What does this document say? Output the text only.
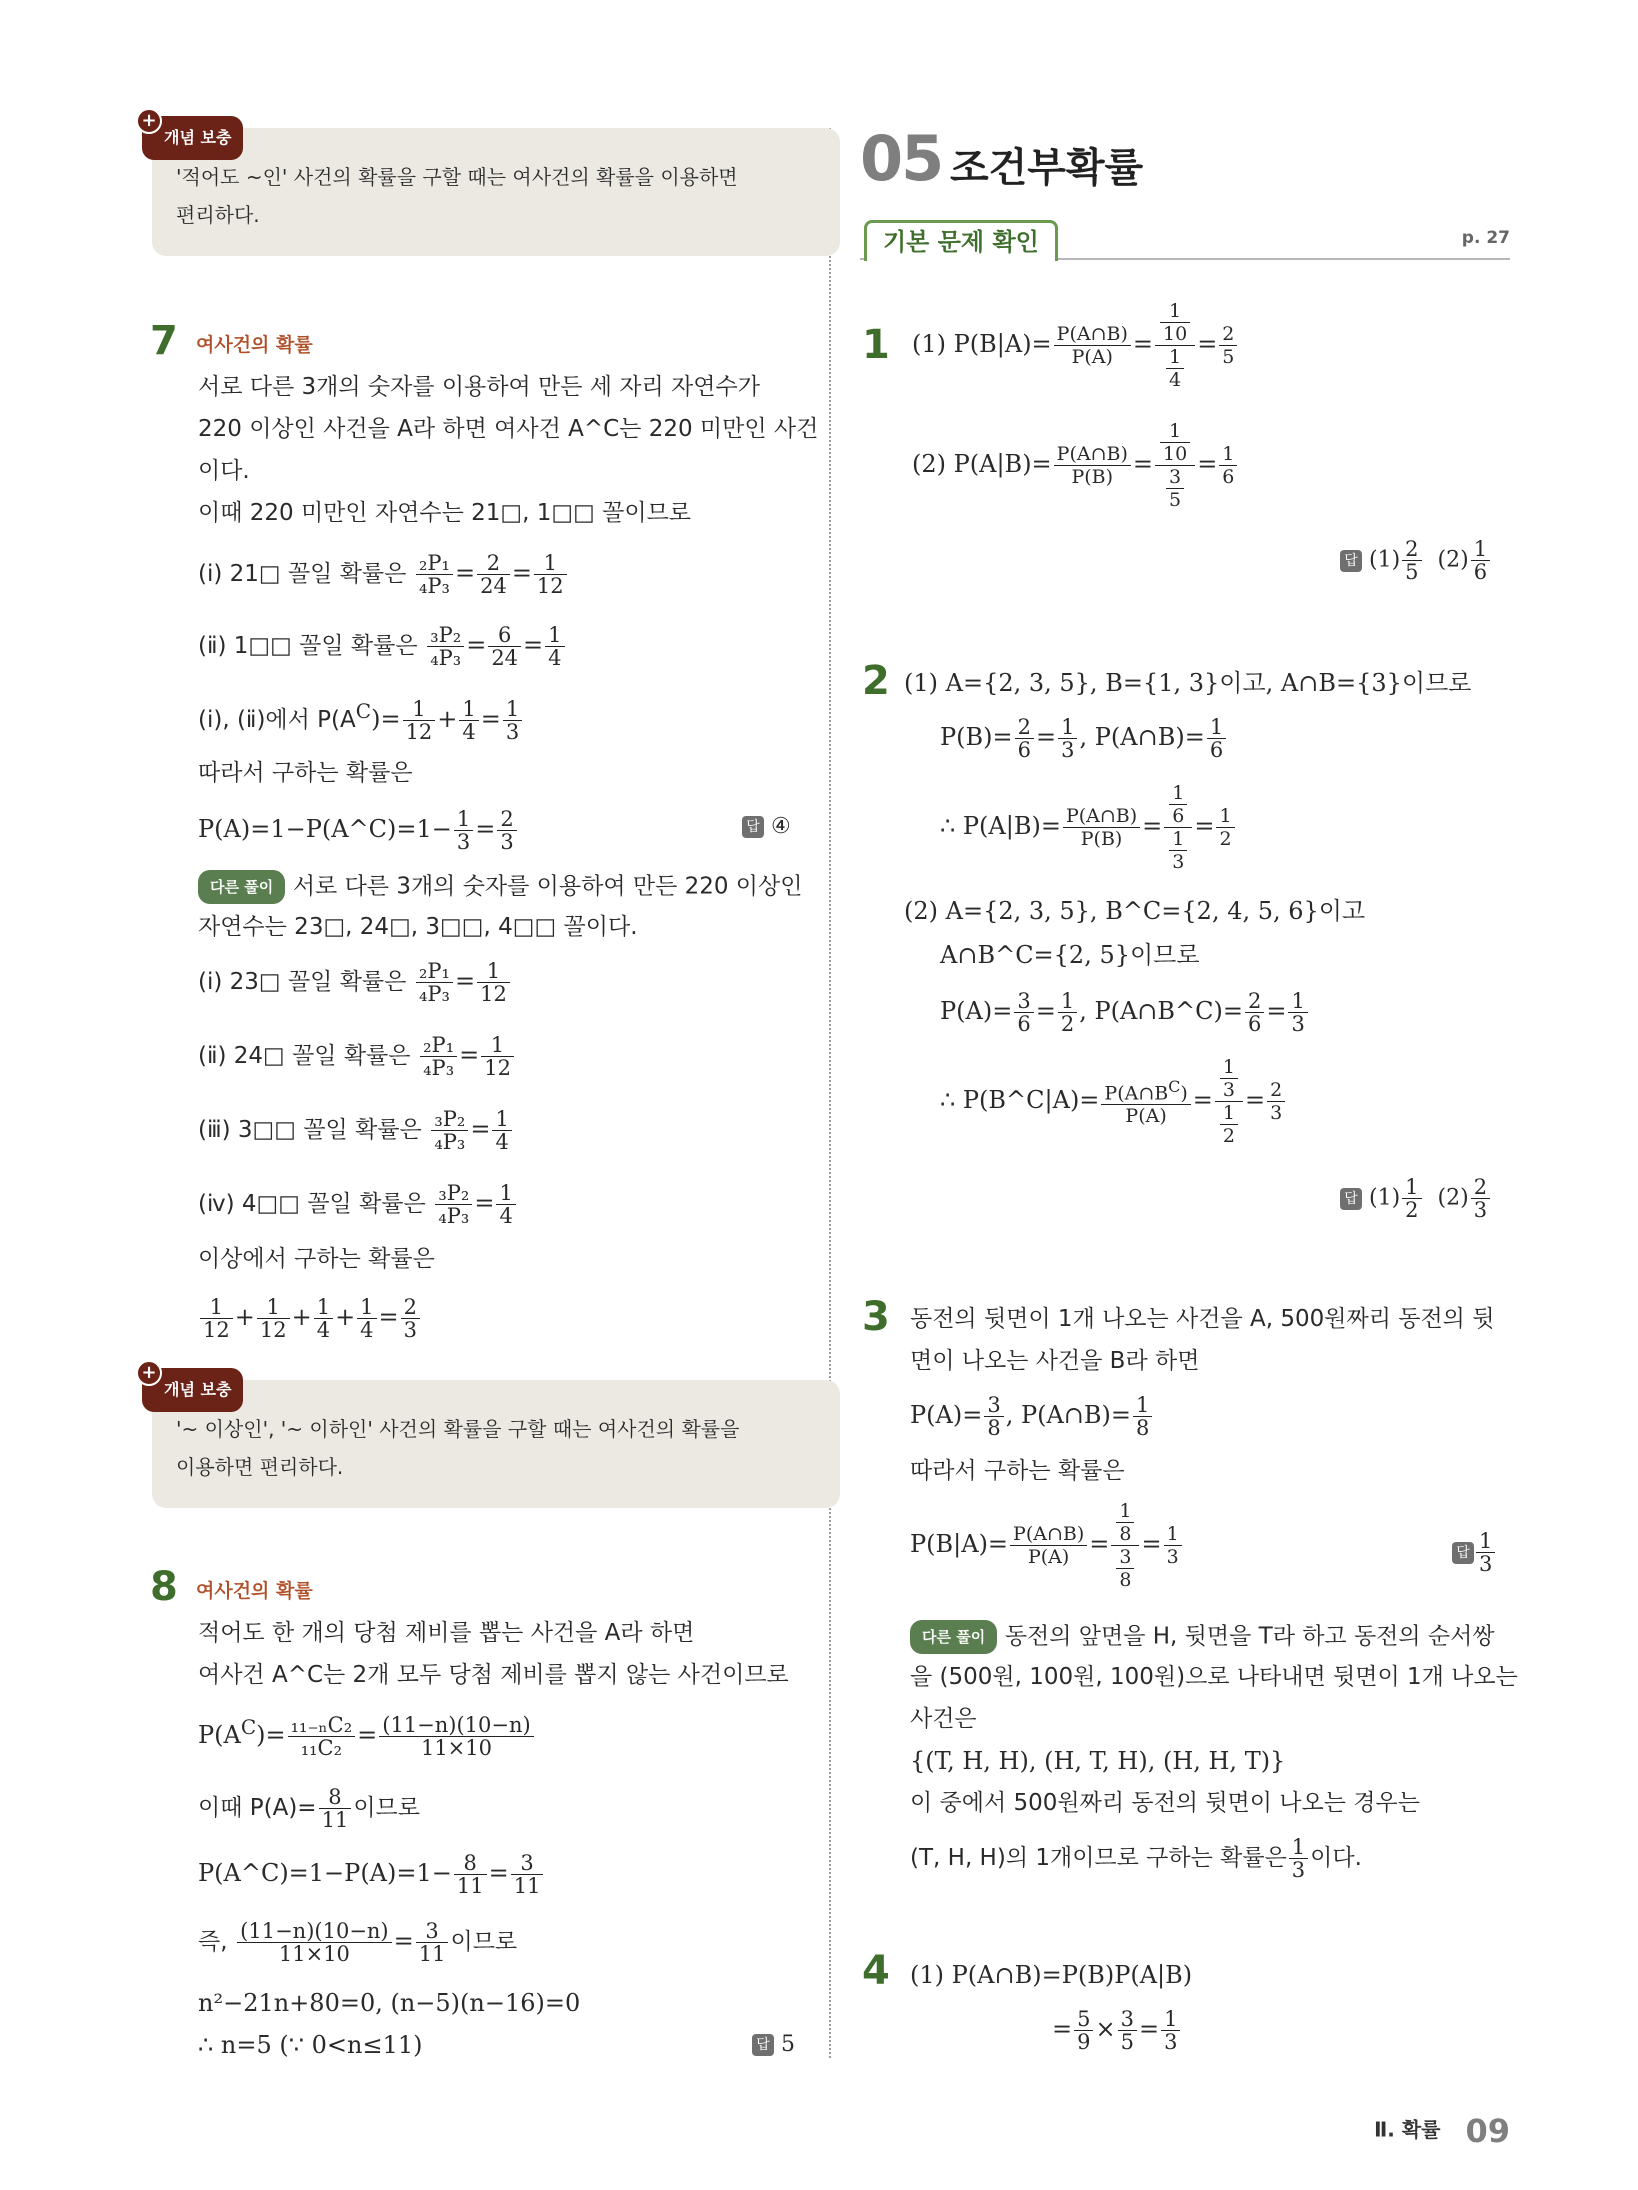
+
개념 보충
'적어도 ~인' 사건의 확률을 구할 때는 여사건의 확률을 이용하면
편리하다.
7 여사건의 확률
서로 다른 3개의 숫자를 이용하여 만든 세 자리 자연수가
220 이상인 사건을 A라 하면 여사건 A^C는 220 미만인 사건
이다.
이때 220 미만인 자연수는 21□, 1□□ 꼴이므로
(ⅰ) 21□ 꼴일 확률은 $\frac{\text{₂P₁}}{\text{₄P₃}} = \frac{2}{24} = \frac{1}{12}$
(ⅱ) 1□□ 꼴일 확률은 $\frac{\text{₃P₂}}{\text{₄P₃}} = \frac{6}{24} = \frac{1}{4}$
(ⅰ), (ⅱ)에서 $P(A^C)= \frac{1}{12} + \frac{1}{4} = \frac{1}{3}$
따라서 구하는 확률은
P(A)=1−P(A^C)=1− $\frac{1}{3} = \frac{2}{3}$	답 ④
다른 풀이 서로 다른 3개의 숫자를 이용하여 만든 220 이상인
자연수는 23□, 24□, 3□□, 4□□ 꼴이다.
(ⅰ) 23□ 꼴일 확률은 $\frac{\text{₂P₁}}{\text{₄P₃}} = \frac{1}{12}$
(ⅱ) 24□ 꼴일 확률은 $\frac{\text{₂P₁}}{\text{₄P₃}} = \frac{1}{12}$
(ⅲ) 3□□ 꼴일 확률은 $\frac{\text{₃P₂}}{\text{₄P₃}} = \frac{1}{4}$
(ⅳ) 4□□ 꼴일 확률은 $\frac{\text{₃P₂}}{\text{₄P₃}} = \frac{1}{4}$
이상에서 구하는 확률은
$\frac{1}{12} + \frac{1}{12} + \frac{1}{4} + \frac{1}{4} = \frac{2}{3}$
+
개념 보충
'~ 이상인', '~ 이하인' 사건의 확률을 구할 때는 여사건의 확률을
이용하면 편리하다.
8 여사건의 확률
적어도 한 개의 당첨 제비를 뽑는 사건을 A라 하면
여사건 A^C는 2개 모두 당첨 제비를 뽑지 않는 사건이므로
$P(A^C)= \frac{\text{₁₁₋ₙC₂}}{\text{₁₁C₂}} = \frac{(11-n)(10-n)}{11\times 10}$
이때 $P(A)= \frac{8}{11}$ 이므로
P(A^C)=1−P(A)=1− $\frac{8}{11} = \frac{3}{11}$
즉, $\frac{(11-n)(10-n)}{11\times 10} = \frac{3}{11}$ 이므로
n²−21n+80=0, (n−5)(n−16)=0
∴ n=5 (∵ 0<n≤11)	답 5
05 조건부확률
기본 문제 확인	p. 27
1 (1) $P(B|A)= \frac{P(A\cap B)}{P(A)} = \frac{\frac{1}{10}}{\frac{1}{4}} = \frac{2}{5}$
(2) $P(A|B)= \frac{P(A\cap B)}{P(B)} = \frac{\frac{1}{10}}{\frac{3}{5}} = \frac{1}{6}$
답 $(1) \frac{2}{5} (2) \frac{1}{6}$
2 (1) A={2, 3, 5}, B={1, 3}이고, A∩B={3}이므로
$P(B)= \frac{2}{6} = \frac{1}{3}$ , P(A∩B)= $\frac{1}{6}$
∴ $P(A|B)= \frac{P(A\cap B)}{P(B)} = \frac{\frac{1}{6}}{\frac{1}{3}} = \frac{1}{2}$
(2) A={2, 3, 5}, B^C={2, 4, 5, 6}이고
A∩B^C={2, 5}이므로
$P(A)= \frac{3}{6} = \frac{1}{2}$ , P(A∩B^C)= $\frac{2}{6} = \frac{1}{3}$
∴ P(B^C|A)= $\frac{P(A\cap B^C)}{P(A)} = \frac{\frac{1}{3}}{\frac{1}{2}} = \frac{2}{3}$
답 $(1) \frac{1}{2} (2) \frac{2}{3}$
3 동전의 뒷면이 1개 나오는 사건을 A, 500원짜리 동전의 뒷
면이 나오는 사건을 B라 하면
$P(A)= \frac{3}{8}$ , P(A∩B)= $\frac{1}{8}$
따라서 구하는 확률은
$P(B|A)= \frac{P(A\cap B)}{P(A)} = \frac{\frac{1}{8}}{\frac{3}{8}} = \frac{1}{3}$	답 $\frac{1}{3}$
다른 풀이 동전의 앞면을 H, 뒷면을 T라 하고 동전의 순서쌍
을 (500원, 100원, 100원)으로 나타내면 뒷면이 1개 나오는
사건은
{(T, H, H), (H, T, H), (H, H, T)}
이 중에서 500원짜리 동전의 뒷면이 나오는 경우는
(T, H, H)의 1개이므로 구하는 확률은 $\frac{1}{3}$ 이다.
4 (1) P(A∩B)=P(B)P(A|B)
= $\frac{5}{9} \times \frac{3}{5} = \frac{1}{3}$
Ⅱ. 확률 09
